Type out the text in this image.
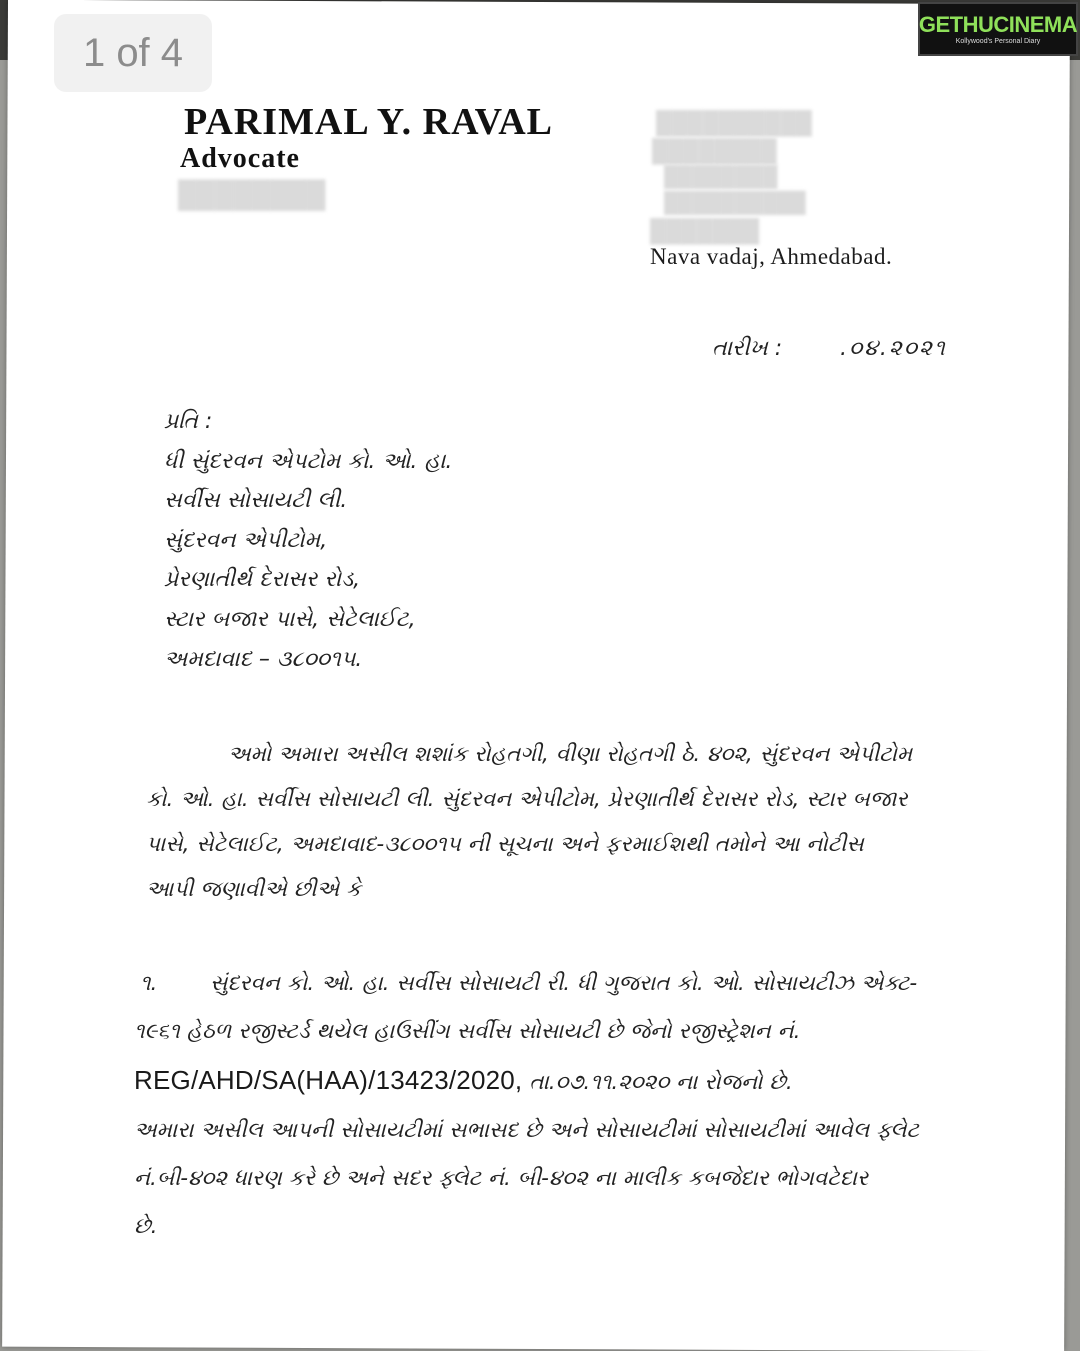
1 of 4
GETHUCINEMA
Kollywood's Personal Diary
PARIMAL Y. RAVAL
Advocate
████████
██████████
████████
████████
██████████
███████
Nava vadaj, Ahmedabad.
તારીખ :	.૦૪.૨૦૨૧
પ્રતિ :
ધી સુંદરવન એપટોમ કો. ઓ. હા.
સર્વીસ સોસાયટી લી.
સુંદરવન એપીટોમ,
પ્રેરણાતીર્થ દેરાસર રોડ,
સ્ટાર બજાર પાસે, સેટેલાઈટ,
અમદાવાદ – ૩૮૦૦૧૫.
અમો અમારા અસીલ શશાંક રોહતગી, વીણા રોહતગી ઠે. ૪૦૨, સુંદરવન એપીટોમ
કો. ઓ. હા. સર્વીસ સોસાયટી લી. સુંદરવન એપીટોમ, પ્રેરણાતીર્થ દેરાસર રોડ, સ્ટાર બજાર
પાસે, સેટેલાઈટ, અમદાવાદ-૩૮૦૦૧૫ ની સૂચના અને ફરમાઈશથી તમોને આ નોટીસ
આપી જણાવીએ છીએ કે
૧. સુંદરવન કો. ઓ. હા. સર્વીસ સોસાયટી રી. ધી ગુજરાત કો. ઓ. સોસાયટીઝ એક્ટ-
૧૯૬૧ હેઠળ રજીસ્ટર્ડ થયેલ હાઉસીંગ સર્વીસ સોસાયટી છે જેનો રજીસ્ટ્રેશન નં.
REG/AHD/SA(HAA)/13423/2020, તા.૦૭.૧૧.૨૦૨૦ ના રોજનો છે.
અમારા અસીલ આપની સોસાયટીમાં સભાસદ છે અને સોસાયટીમાં સોસાયટીમાં આવેલ ફ્લેટ
નં.બી-૪૦૨ ધારણ કરે છે અને સદર ફ્લેટ નં. બી-૪૦૨ ના માલીક કબજેદાર ભોગવટેદાર
છે.
